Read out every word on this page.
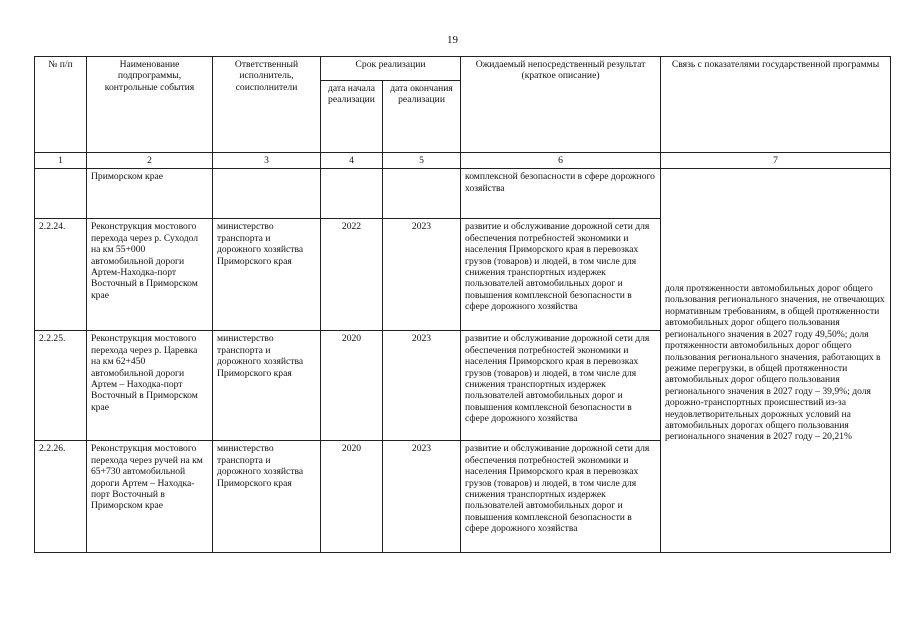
19
№ п/п	Наименование подпрограммы, контрольные события	Ответственный исполнитель, соисполнители	Срок реализации		Ожидаемый непосредственный результат (краткое описание)	Связь с показателями государственной программы
			дата начала реализации	дата окончания реализации		
1	2	3	4	5	6	7
	Приморском крае				комплексной безопасности в сфере дорожного хозяйства	доля протяженности автомобильных дорог общего пользования регионального значения, не отвечающих нормативным требованиям, в общей протяженности автомобильных дорог общего пользования регионального значения в 2027 году 49,50%; доля протяженности автомобильных дорог общего пользования регионального значения, работающих в режиме перегрузки, в общей протяженности автомобильных дорог общего пользования регионального значения в 2027 году – 39,9%; доля дорожно-транспортных происшествий из-за неудовлетворительных дорожных условий на автомобильных дорогах общего пользования регионального значения в 2027 году – 20,21%
2.2.24.	Реконструкция мостового перехода через р. Суходол на км 55+000 автомобильной дороги Артем-Находка-порт Восточный в Приморском крае	министерство транспорта и дорожного хозяйства Приморского края	2022	2023	развитие и обслуживание дорожной сети для обеспечения потребностей экономики и населения Приморского края в перевозках грузов (товаров) и людей, в том числе для снижения транспортных издержек пользователей автомобильных дорог и повышения комплексной безопасности в сфере дорожного хозяйства	
2.2.25.	Реконструкция мостового перехода через р. Царевка на км 62+450 автомобильной дороги Артем – Находка-порт Восточный в Приморском крае	министерство транспорта и дорожного хозяйства Приморского края	2020	2023	развитие и обслуживание дорожной сети для обеспечения потребностей экономики и населения Приморского края в перевозках грузов (товаров) и людей, в том числе для снижения транспортных издержек пользователей автомобильных дорог и повышения комплексной безопасности в сфере дорожного хозяйства	
2.2.26.	Реконструкция мостового перехода через ручей на км 65+730 автомобильной дороги Артем – Находка-порт Восточный в Приморском крае	министерство транспорта и дорожного хозяйства Приморского края	2020	2023	развитие и обслуживание дорожной сети для обеспечения потребностей экономики и населения Приморского края в перевозках грузов (товаров) и людей, в том числе для снижения транспортных издержек пользователей автомобильных дорог и повышения комплексной безопасности в сфере дорожного хозяйства	
